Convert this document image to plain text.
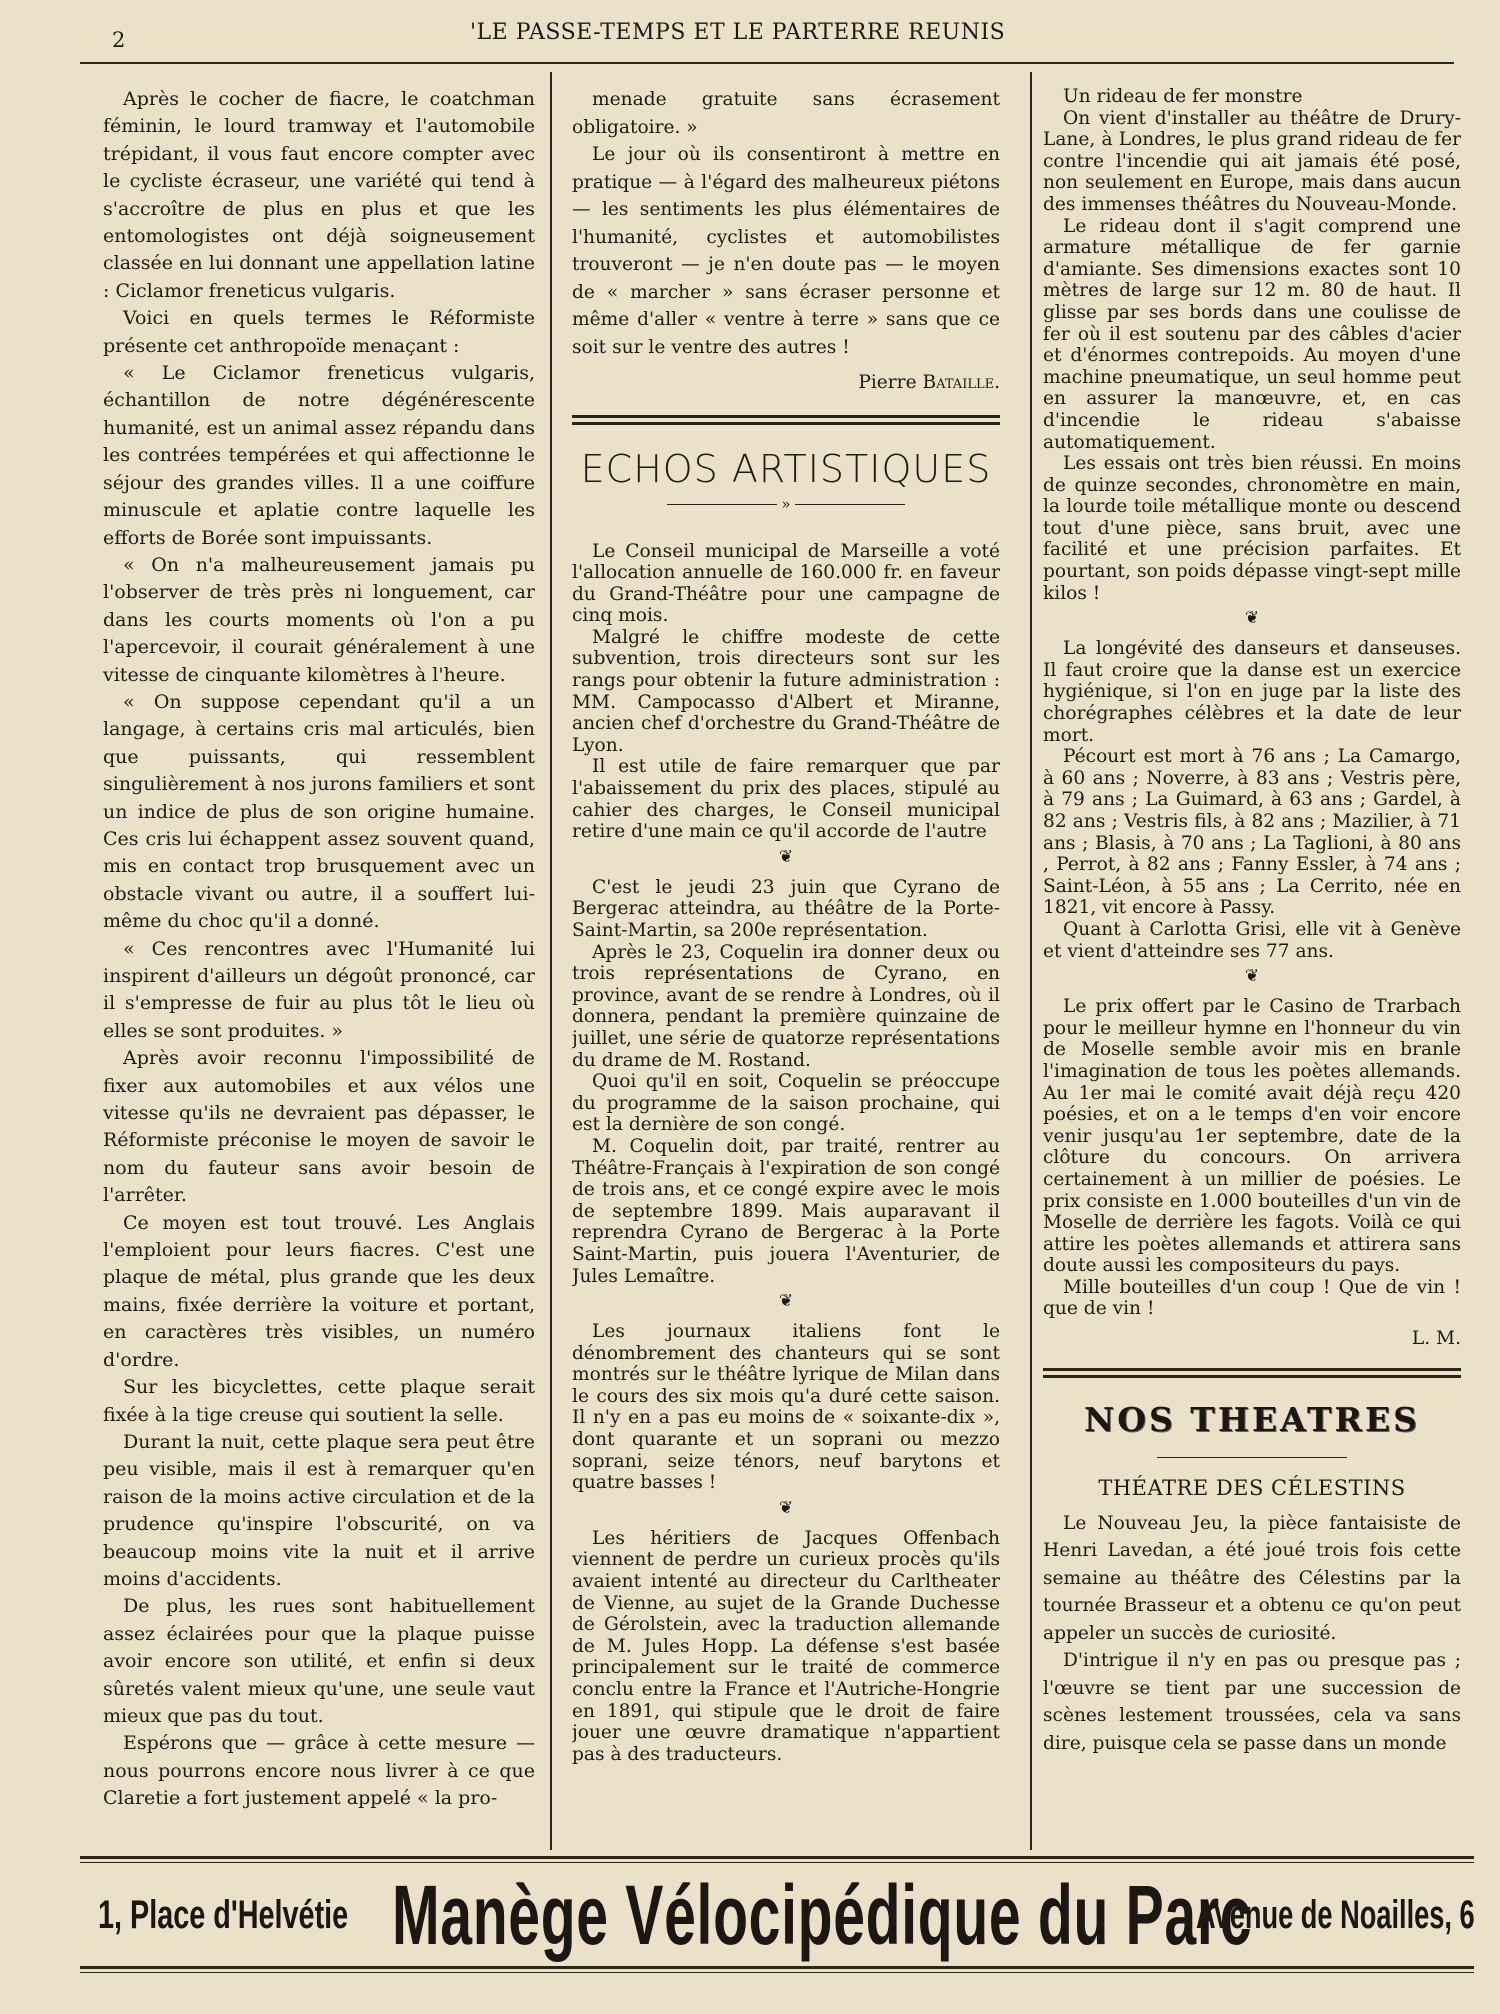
2	'LE PASSE-TEMPS ET LE PARTERRE REUNIS

Après le cocher de fiacre, le coatchman féminin, le lourd tramway et l'automobile trépidant, il vous faut encore compter avec le cycliste écraseur, une variété qui tend à s'accroître de plus en plus et que les entomologistes ont déjà soigneusement classée en lui donnant une appellation latine : Ciclamor freneticus vulgaris.

Voici en quels termes le Réformiste présente cet anthropoïde menaçant :

« Le Ciclamor freneticus vulgaris, échantillon de notre dégénérescente humanité, est un animal assez répandu dans les contrées tempérées et qui affectionne le séjour des grandes villes. Il a une coiffure minuscule et aplatie contre laquelle les efforts de Borée sont impuissants.

« On n'a malheureusement jamais pu l'observer de très près ni longuement, car dans les courts moments où l'on a pu l'apercevoir, il courait généralement à une vitesse de cinquante kilomètres à l'heure.

« On suppose cependant qu'il a un langage, à certains cris mal articulés, bien que puissants, qui ressemblent singulièrement à nos jurons familiers et sont un indice de plus de son origine humaine. Ces cris lui échappent assez souvent quand, mis en contact trop brusquement avec un obstacle vivant ou autre, il a souffert lui-même du choc qu'il a donné.

« Ces rencontres avec l'Humanité lui inspirent d'ailleurs un dégoût prononcé, car il s'empresse de fuir au plus tôt le lieu où elles se sont produites. »

Après avoir reconnu l'impossibilité de fixer aux automobiles et aux vélos une vitesse qu'ils ne devraient pas dépasser, le Réformiste préconise le moyen de savoir le nom du fauteur sans avoir besoin de l'arrêter.

Ce moyen est tout trouvé. Les Anglais l'emploient pour leurs fiacres. C'est une plaque de métal, plus grande que les deux mains, fixée derrière la voiture et portant, en caractères très visibles, un numéro d'ordre.

Sur les bicyclettes, cette plaque serait fixée à la tige creuse qui soutient la selle.

Durant la nuit, cette plaque sera peut être peu visible, mais il est à remarquer qu'en raison de la moins active circulation et de la prudence qu'inspire l'obscurité, on va beaucoup moins vite la nuit et il arrive moins d'accidents.

De plus, les rues sont habituellement assez éclairées pour que la plaque puisse avoir encore son utilité, et enfin si deux sûretés valent mieux qu'une, une seule vaut mieux que pas du tout.

Espérons que — grâce à cette mesure — nous pourrons encore nous livrer à ce que Claretie a fort justement appelé « la pro-

menade gratuite sans écrasement obligatoire. »

Le jour où ils consentiront à mettre en pratique — à l'égard des malheureux piétons — les sentiments les plus élémentaires de l'humanité, cyclistes et automobilistes trouveront — je n'en doute pas — le moyen de « marcher » sans écraser personne et même d'aller « ventre à terre » sans que ce soit sur le ventre des autres !

Pierre Bataille.

ECHOS ARTISTIQUES
»

Le Conseil municipal de Marseille a voté l'allocation annuelle de 160.000 fr. en faveur du Grand-Théâtre pour une campagne de cinq mois.

Malgré le chiffre modeste de cette subvention, trois directeurs sont sur les rangs pour obtenir la future administration : MM. Campocasso d'Albert et Miranne, ancien chef d'orchestre du Grand-Théâtre de Lyon.

Il est utile de faire remarquer que par l'abaissement du prix des places, stipulé au cahier des charges, le Conseil municipal retire d'une main ce qu'il accorde de l'autre

❦

C'est le jeudi 23 juin que Cyrano de Bergerac atteindra, au théâtre de la Porte-Saint-Martin, sa 200e représentation.

Après le 23, Coquelin ira donner deux ou trois représentations de Cyrano, en province, avant de se rendre à Londres, où il donnera, pendant la première quinzaine de juillet, une série de quatorze représentations du drame de M. Rostand.

Quoi qu'il en soit, Coquelin se préoccupe du programme de la saison prochaine, qui est la dernière de son congé.

M. Coquelin doit, par traité, rentrer au Théâtre-Français à l'expiration de son congé de trois ans, et ce congé expire avec le mois de septembre 1899. Mais auparavant il reprendra Cyrano de Bergerac à la Porte Saint-Martin, puis jouera l'Aventurier, de Jules Lemaître.

❦

Les journaux italiens font le dénombrement des chanteurs qui se sont montrés sur le théâtre lyrique de Milan dans le cours des six mois qu'a duré cette saison. Il n'y en a pas eu moins de « soixante-dix », dont quarante et un soprani ou mezzo soprani, seize ténors, neuf barytons et quatre basses !

❦

Les héritiers de Jacques Offenbach viennent de perdre un curieux procès qu'ils avaient intenté au directeur du Carltheater de Vienne, au sujet de la Grande Duchesse de Gérolstein, avec la traduction allemande de M. Jules Hopp. La défense s'est basée principalement sur le traité de commerce conclu entre la France et l'Autriche-Hongrie en 1891, qui stipule que le droit de faire jouer une œuvre dramatique n'appartient pas à des traducteurs.

Un rideau de fer monstre

On vient d'installer au théâtre de Drury-Lane, à Londres, le plus grand rideau de fer contre l'incendie qui ait jamais été posé, non seulement en Europe, mais dans aucun des immenses théâtres du Nouveau-Monde.

Le rideau dont il s'agit comprend une armature métallique de fer garnie d'amiante. Ses dimensions exactes sont 10 mètres de large sur 12 m. 80 de haut. Il glisse par ses bords dans une coulisse de fer où il est soutenu par des câbles d'acier et d'énormes contrepoids. Au moyen d'une machine pneumatique, un seul homme peut en assurer la manœuvre, et, en cas d'incendie le rideau s'abaisse automatiquement.

Les essais ont très bien réussi. En moins de quinze secondes, chronomètre en main, la lourde toile métallique monte ou descend tout d'une pièce, sans bruit, avec une facilité et une précision parfaites. Et pourtant, son poids dépasse vingt-sept mille kilos !

❦

La longévité des danseurs et danseuses. Il faut croire que la danse est un exercice hygiénique, si l'on en juge par la liste des chorégraphes célèbres et la date de leur mort.

Pécourt est mort à 76 ans ; La Camargo, à 60 ans ; Noverre, à 83 ans ; Vestris père, à 79 ans ; La Guimard, à 63 ans ; Gardel, à 82 ans ; Vestris fils, à 82 ans ; Mazilier, à 71 ans ; Blasis, à 70 ans ; La Taglioni, à 80 ans , Perrot, à 82 ans ; Fanny Essler, à 74 ans ; Saint-Léon, à 55 ans ; La Cerrito, née en 1821, vit encore à Passy.

Quant à Carlotta Grisi, elle vit à Genève et vient d'atteindre ses 77 ans.

❦

Le prix offert par le Casino de Trarbach pour le meilleur hymne en l'honneur du vin de Moselle semble avoir mis en branle l'imagination de tous les poètes allemands. Au 1er mai le comité avait déjà reçu 420 poésies, et on a le temps d'en voir encore venir jusqu'au 1er septembre, date de la clôture du concours. On arrivera certainement à un millier de poésies. Le prix consiste en 1.000 bouteilles d'un vin de Moselle de derrière les fagots. Voilà ce qui attire les poètes allemands et attirera sans doute aussi les compositeurs du pays.

Mille bouteilles d'un coup ! Que de vin ! que de vin !

L. M.

NOS THEATRES
THÉATRE DES CÉLESTINS

Le Nouveau Jeu, la pièce fantaisiste de Henri Lavedan, a été joué trois fois cette semaine au théâtre des Célestins par la tournée Brasseur et a obtenu ce qu'on peut appeler un succès de curiosité.

D'intrigue il n'y en pas ou presque pas ; l'œuvre se tient par une succession de scènes lestement troussées, cela va sans dire, puisque cela se passe dans un monde

1, Place d'Helvétie Manège Vélocipédique du Parc
Avenue de Noailles, 6
